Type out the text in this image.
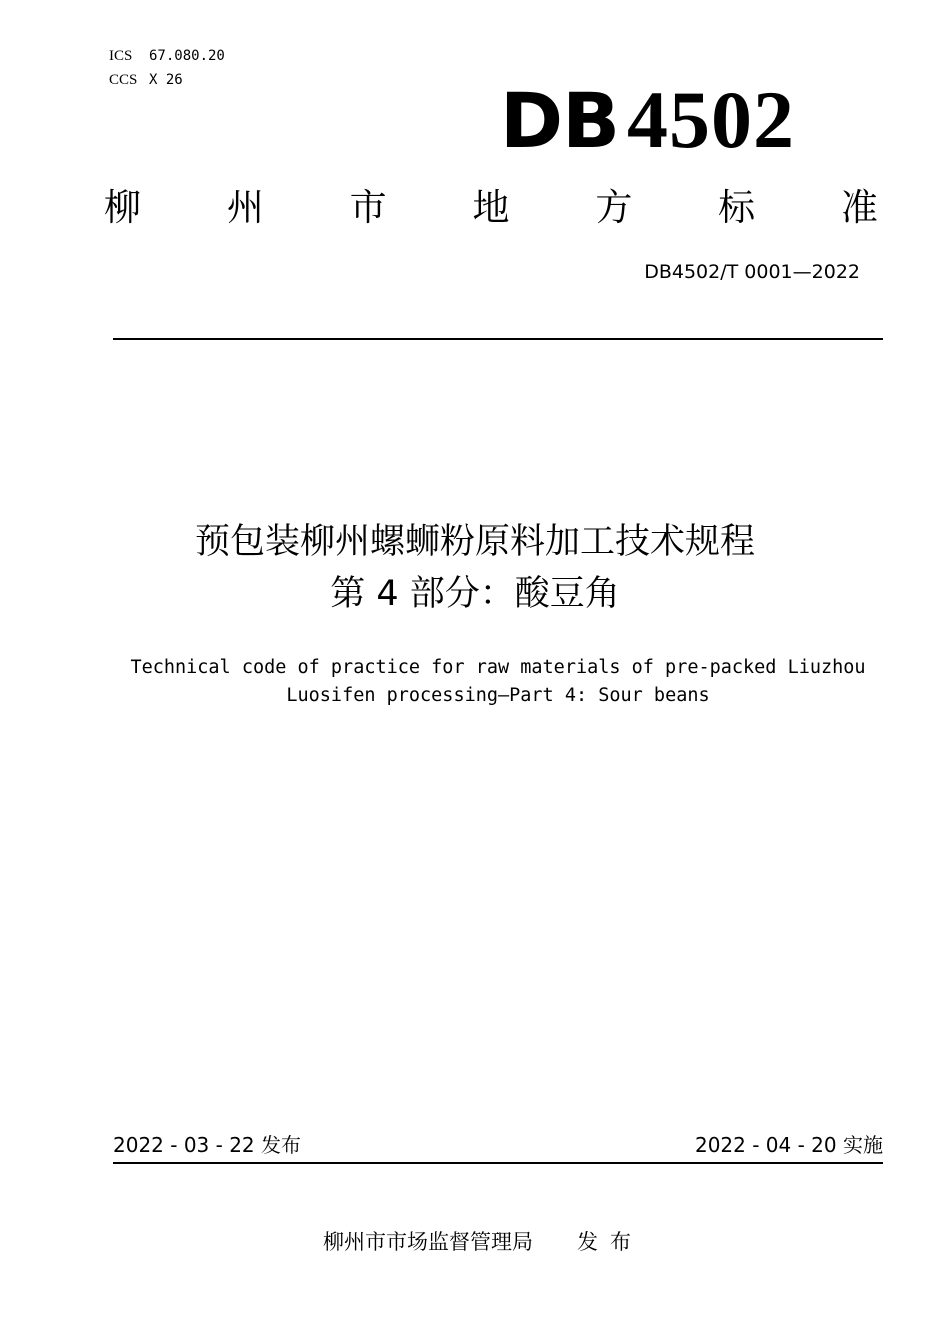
ICS	67.080.20
CCS X 26	DB4502
柳 州 市 地 方 标 准
DB4502/T 0001—2022
预包装柳州螺蛳粉原料加工技术规程
第 4 部分：酸豆角
Technical code of practice for raw materials of pre-packed Liuzhou
Luosifen processing—Part 4: Sour beans
2022 - 03 - 22 发布	2022 - 04 - 20 实施
柳州市市场监督管理局 发布
